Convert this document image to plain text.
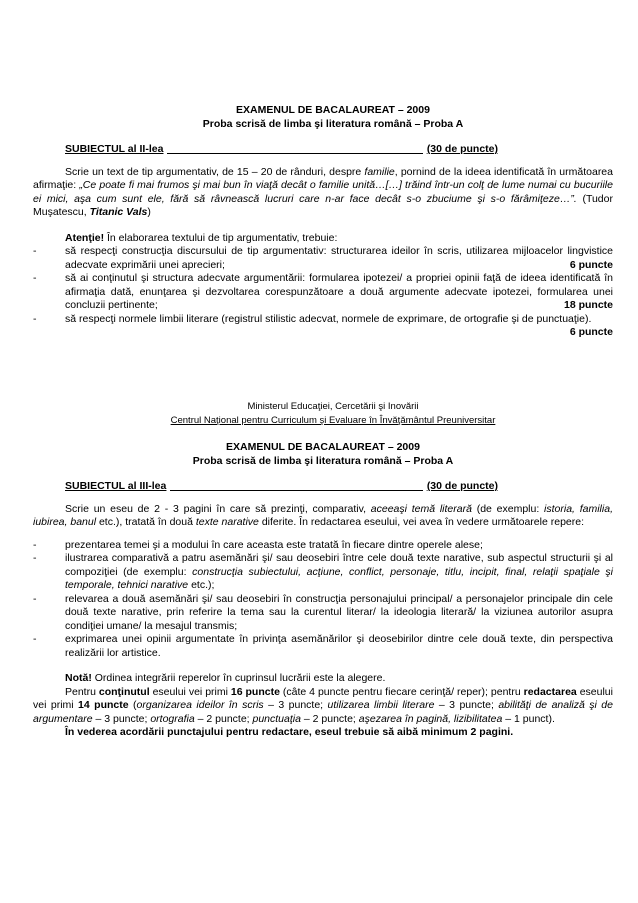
EXAMENUL DE BACALAUREAT – 2009

Proba scrisă de limba şi literatura română – Proba A

SUBIECTUL al II-lea	(30 de puncte)

Scrie un text de tip argumentativ, de 15 – 20 de rânduri, despre familie, pornind de la ideea identificată în următoarea afirmaţie: „Ce poate fi mai frumos şi mai bun în viaţă decât o familie unită…[…] trăind într-un colţ de lume numai cu bucuriile ei mici, aşa cum sunt ele, fără să râvnească lucruri care n-ar face decât s-o zbuciume şi s-o fărâmiţeze…”. (Tudor Muşatescu, Titanic Vals)

Atenţie! În elaborarea textului de tip argumentativ, trebuie:

-	să respecţi construcţia discursului de tip argumentativ: structurarea ideilor în scris, utilizarea mijloacelor lingvistice adecvate exprimării unei aprecieri;	6 puncte
-	să ai conţinutul şi structura adecvate argumentării: formularea ipotezei/ a propriei opinii faţă de ideea identificată în afirmaţia dată, enunţarea şi dezvoltarea corespunzătoare a două argumente adecvate ipotezei, formularea unei concluzii pertinente;	18 puncte
-	să respecţi normele limbii literare (registrul stilistic adecvat, normele de exprimare, de ortografie şi de punctuaţie).
6 puncte

Ministerul Educaţiei, Cercetării şi Inovării

Centrul Naţional pentru Curriculum şi Evaluare în Învăţământul Preuniversitar

EXAMENUL DE BACALAUREAT – 2009

Proba scrisă de limba şi literatura română – Proba A

SUBIECTUL al III-lea	(30 de puncte)

Scrie un eseu de 2 - 3 pagini în care să prezinţi, comparativ, aceeaşi temă literară (de exemplu: istoria, familia, iubirea, banul etc.), tratată în două texte narative diferite. În redactarea eseului, vei avea în vedere următoarele repere:

-	prezentarea temei şi a modului în care aceasta este tratată în fiecare dintre operele alese;
-	ilustrarea comparativă a patru asemănări şi/ sau deosebiri între cele două texte narative, sub aspectul structurii şi al compoziţiei (de exemplu: construcţia subiectului, acţiune, conflict, personaje, titlu, incipit, final, relaţii spaţiale şi temporale, tehnici narative etc.);
-	relevarea a două asemănări şi/ sau deosebiri în construcţia personajului principal/ a personajelor principale din cele două texte narative, prin referire la tema sau la curentul literar/ la ideologia literară/ la viziunea autorilor asupra condiţiei umane/ la mesajul transmis;
-	exprimarea unei opinii argumentate în privinţa asemănărilor şi deosebirilor dintre cele două texte, din perspectiva realizării lor artistice.

Notă! Ordinea integrării reperelor în cuprinsul lucrării este la alegere.

Pentru conţinutul eseului vei primi 16 puncte (câte 4 puncte pentru fiecare cerinţă/ reper); pentru redactarea eseului vei primi 14 puncte (organizarea ideilor în scris – 3 puncte; utilizarea limbii literare – 3 puncte; abilităţi de analiză şi de argumentare – 3 puncte; ortografia – 2 puncte; punctuaţia – 2 puncte; aşezarea în pagină, lizibilitatea – 1 punct).

În vederea acordării punctajului pentru redactare, eseul trebuie să aibă minimum 2 pagini.
